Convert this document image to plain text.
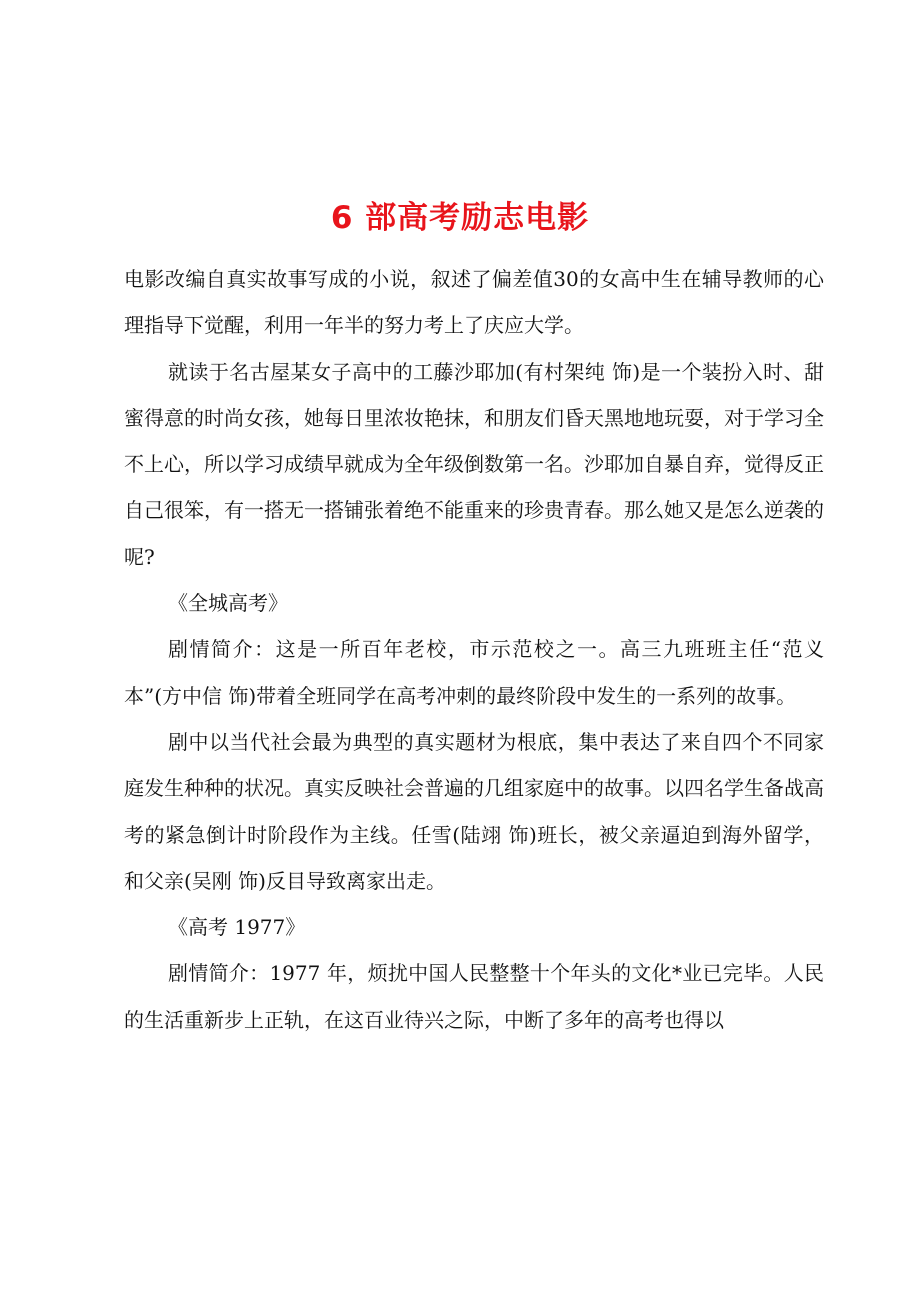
6 部高考励志电影

电影改编自真实故事写成的小说，叙述了偏差值30的女高中生在辅导教师的心理指导下觉醒，利用一年半的努力考上了庆应大学。

就读于名古屋某女子高中的工藤沙耶加(有村架纯 饰)是一个装扮入时、甜蜜得意的时尚女孩，她每日里浓妆艳抹，和朋友们昏天黑地地玩耍，对于学习全不上心，所以学习成绩早就成为全年级倒数第一名。沙耶加自暴自弃，觉得反正自己很笨，有一搭无一搭铺张着绝不能重来的珍贵青春。那么她又是怎么逆袭的呢?

《全城高考》

剧情简介：这是一所百年老校，市示范校之一。高三九班班主任“范义本”(方中信 饰)带着全班同学在高考冲刺的最终阶段中发生的一系列的故事。

剧中以当代社会最为典型的真实题材为根底，集中表达了来自四个不同家庭发生种种的状况。真实反映社会普遍的几组家庭中的故事。以四名学生备战高考的紧急倒计时阶段作为主线。任雪(陆翊 饰)班长，被父亲逼迫到海外留学，和父亲(吴刚 饰)反目导致离家出走。

《高考 1977》

剧情简介：1977 年，烦扰中国人民整整十个年头的文化*业已完毕。人民的生活重新步上正轨，在这百业待兴之际，中断了多年的高考也得以
